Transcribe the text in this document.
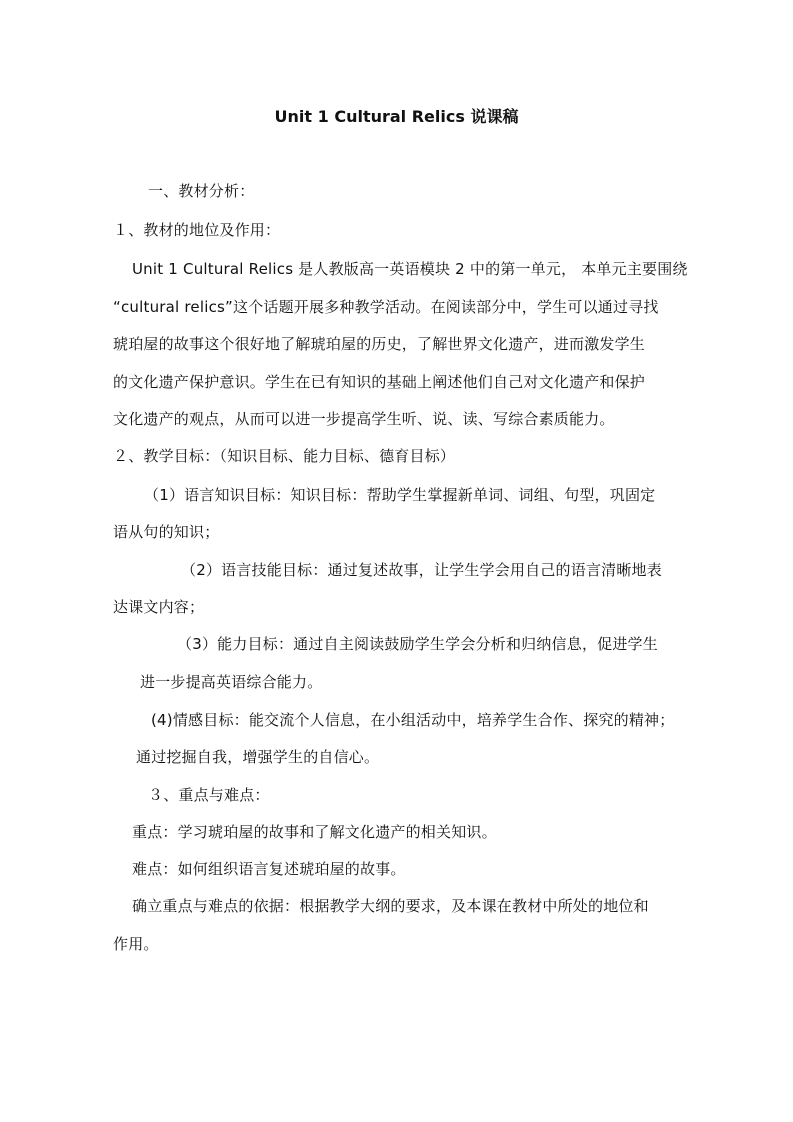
Unit 1 Cultural Relics 说课稿
一、教材分析：
１、教材的地位及作用：
Unit 1 Cultural Relics 是人教版高一英语模块 2 中的第一单元， 本单元主要围绕
“cultural relics”这个话题开展多种教学活动。在阅读部分中，学生可以通过寻找
琥珀屋的故事这个很好地了解琥珀屋的历史，了解世界文化遗产，进而激发学生
的文化遗产保护意识。学生在已有知识的基础上阐述他们自己对文化遗产和保护
文化遗产的观点，从而可以进一步提高学生听、说、读、写综合素质能力。
２、教学目标：（知识目标、能力目标、德育目标）
（1）语言知识目标：知识目标：帮助学生掌握新单词、词组、句型，巩固定
语从句的知识；
（2）语言技能目标：通过复述故事，让学生学会用自己的语言清晰地表
达课文内容；
（3）能力目标：通过自主阅读鼓励学生学会分析和归纳信息，促进学生
进一步提高英语综合能力。
(4)情感目标：能交流个人信息，在小组活动中，培养学生合作、探究的精神；
通过挖掘自我，增强学生的自信心。
３、重点与难点：
重点：学习琥珀屋的故事和了解文化遗产的相关知识。
难点：如何组织语言复述琥珀屋的故事。
确立重点与难点的依据：根据教学大纲的要求，及本课在教材中所处的地位和
作用。
